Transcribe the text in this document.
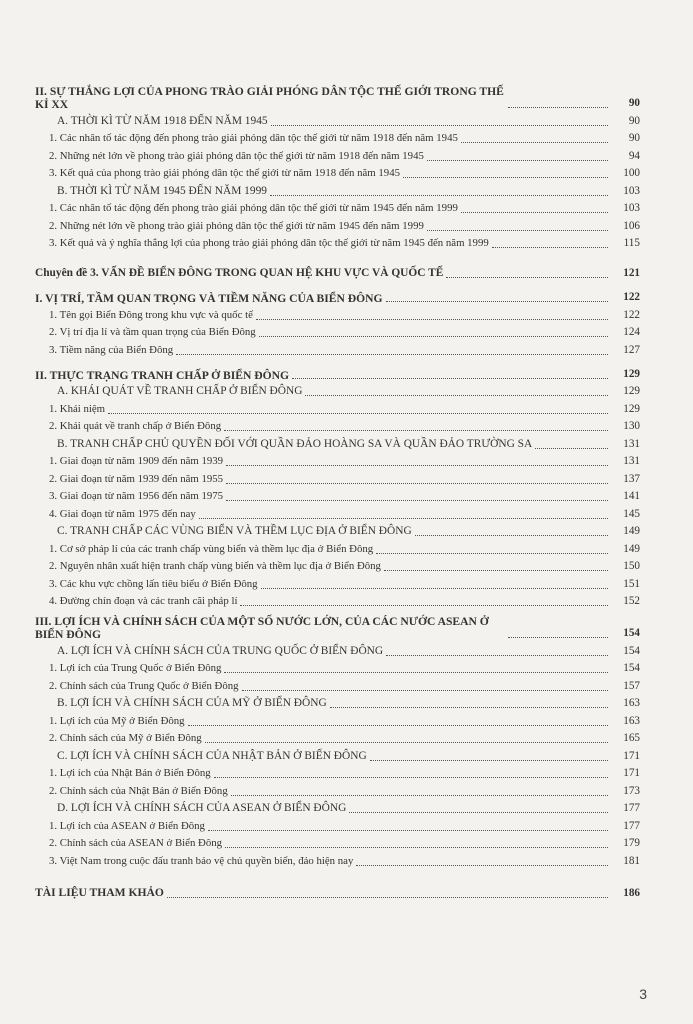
II. SỰ THẮNG LỢI CỦA PHONG TRÀO GIẢI PHÓNG DÂN TỘC THẾ GIỚI TRONG THẾ KỈ XX	90
A. THỜI KÌ TỪ NĂM 1918 ĐẾN NĂM 1945	90
1. Các nhân tố tác động đến phong trào giải phóng dân tộc thế giới từ năm 1918 đến năm 1945	90
2. Những nét lớn về phong trào giải phóng dân tộc thế giới từ năm 1918 đến năm 1945	94
3. Kết quả của phong trào giải phóng dân tộc thế giới từ năm 1918 đến năm 1945	100
B. THỜI KÌ TỪ NĂM 1945 ĐẾN NĂM 1999	103
1. Các nhân tố tác động đến phong trào giải phóng dân tộc thế giới từ năm 1945 đến năm 1999	103
2. Những nét lớn về phong trào giải phóng dân tộc thế giới từ năm 1945 đến năm 1999	106
3. Kết quả và ý nghĩa thắng lợi của phong trào giải phóng dân tộc thế giới từ năm 1945 đến năm 1999	115
Chuyên đề 3. VẤN ĐỀ BIỂN ĐÔNG TRONG QUAN HỆ KHU VỰC VÀ QUỐC TẾ	121
I. VỊ TRÍ, TẦM QUAN TRỌNG VÀ TIỀM NĂNG CỦA BIỂN ĐÔNG	122
1. Tên gọi Biển Đông trong khu vực và quốc tế	122
2. Vị trí địa lí và tầm quan trọng của Biển Đông	124
3. Tiềm năng của Biển Đông	127
II. THỰC TRẠNG TRANH CHẤP Ở BIỂN ĐÔNG	129
A. KHÁI QUÁT VỀ TRANH CHẤP Ở BIỂN ĐÔNG	129
1. Khái niệm	129
2. Khái quát về tranh chấp ở Biển Đông	130
B. TRANH CHẤP CHỦ QUYỀN ĐỐI VỚI QUẦN ĐẢO HOÀNG SA VÀ QUẦN ĐẢO TRƯỜNG SA	131
1. Giai đoạn từ năm 1909 đến năm 1939	131
2. Giai đoạn từ năm 1939 đến năm 1955	137
3. Giai đoạn từ năm 1956 đến năm 1975	141
4. Giai đoạn từ năm 1975 đến nay	145
C. TRANH CHẤP CÁC VÙNG BIỂN VÀ THỀM LỤC ĐỊA Ở BIỂN ĐÔNG	149
1. Cơ sở pháp lí của các tranh chấp vùng biển và thềm lục địa ở Biển Đông	149
2. Nguyên nhân xuất hiện tranh chấp vùng biển và thềm lục địa ở Biển Đông	150
3. Các khu vực chồng lấn tiêu biểu ở Biển Đông	151
4. Đường chín đoạn và các tranh cãi pháp lí	152
III. LỢI ÍCH VÀ CHÍNH SÁCH CỦA MỘT SỐ NƯỚC LỚN, CỦA CÁC NƯỚC ASEAN Ở BIỂN ĐÔNG	154
A. LỢI ÍCH VÀ CHÍNH SÁCH CỦA TRUNG QUỐC Ở BIỂN ĐÔNG	154
1. Lợi ích của Trung Quốc ở Biển Đông	154
2. Chính sách của Trung Quốc ở Biển Đông	157
B. LỢI ÍCH VÀ CHÍNH SÁCH CỦA MỸ Ở BIỂN ĐÔNG	163
1. Lợi ích của Mỹ ở Biển Đông	163
2. Chính sách của Mỹ ở Biển Đông	165
C. LỢI ÍCH VÀ CHÍNH SÁCH CỦA NHẬT BẢN Ở BIỂN ĐÔNG	171
1. Lợi ích của Nhật Bản ở Biển Đông	171
2. Chính sách của Nhật Bản ở Biển Đông	173
D. LỢI ÍCH VÀ CHÍNH SÁCH CỦA ASEAN Ở BIỂN ĐÔNG	177
1. Lợi ích của ASEAN ở Biển Đông	177
2. Chính sách của ASEAN ở Biển Đông	179
3. Việt Nam trong cuộc đấu tranh bảo vệ chủ quyền biển, đảo hiện nay	181
TÀI LIỆU THAM KHẢO	186
3
